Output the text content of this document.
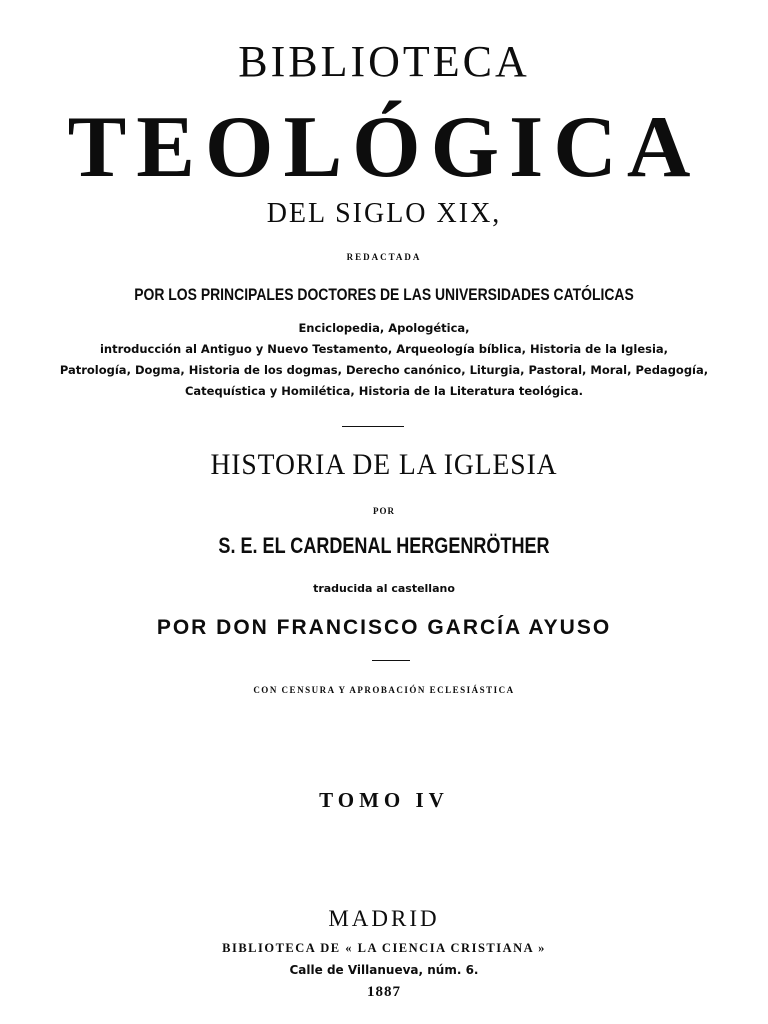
BIBLIOTECA
TEOLÓGICA
DEL SIGLO XIX,
REDACTADA
POR LOS PRINCIPALES DOCTORES DE LAS UNIVERSIDADES CATÓLICAS
Enciclopedia, Apologética,
introducción al Antiguo y Nuevo Testamento, Arqueología bíblica, Historia de la Iglesia,
Patrología, Dogma, Historia de los dogmas, Derecho canónico, Liturgia, Pastoral, Moral, Pedagogía,
Catequística y Homilética, Historia de la Literatura teológica.
HISTORIA DE LA IGLESIA
POR
S. E. EL CARDENAL HERGENRÖTHER
traducida al castellano
POR DON FRANCISCO GARCÍA AYUSO
CON CENSURA Y APROBACIÓN ECLESIÁSTICA
TOMO IV
MADRID
BIBLIOTECA DE « LA CIENCIA CRISTIANA »
Calle de Villanueva, núm. 6.
1887
